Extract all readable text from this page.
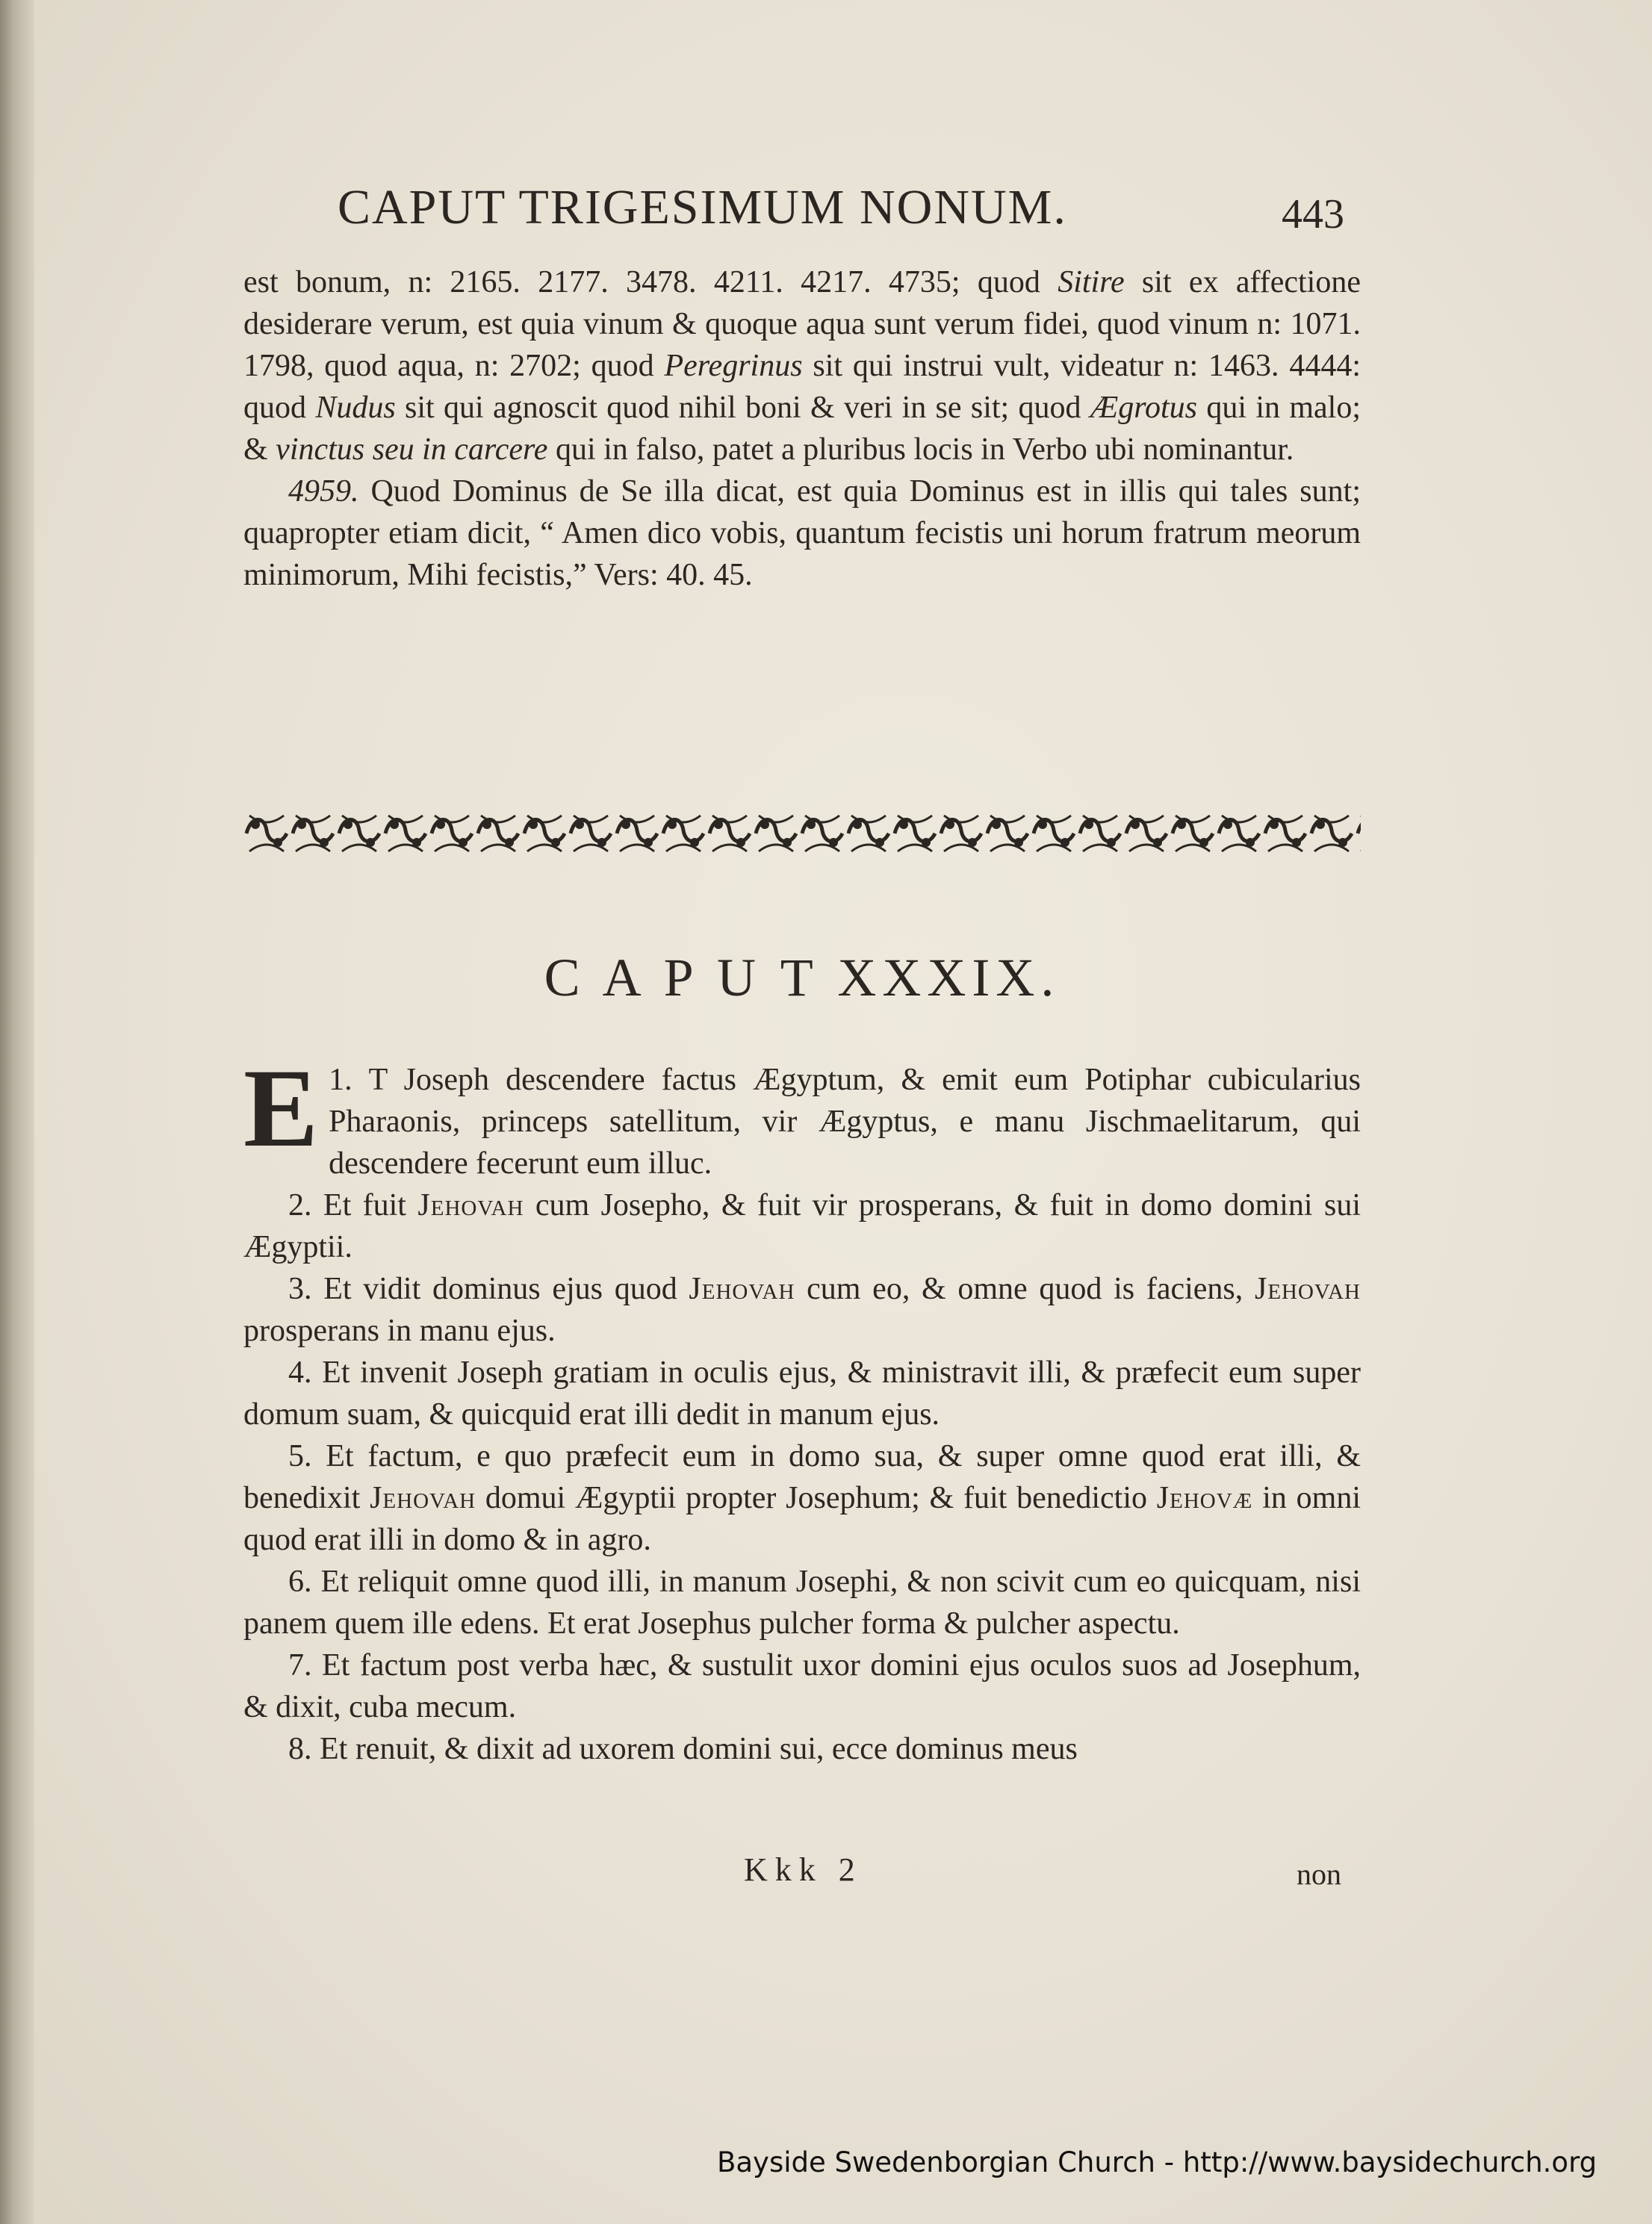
CAPUT TRIGESIMUM NONUM.	443

est bonum, n: 2165. 2177. 3478. 4211. 4217. 4735; quod Sitire sit ex affectione desiderare verum, est quia vinum & quoque aqua sunt verum fidei, quod vinum n: 1071. 1798, quod aqua, n: 2702; quod Peregrinus sit qui instrui vult, videatur n: 1463. 4444: quod Nudus sit qui agnoscit quod nihil boni & veri in se sit; quod Ægrotus qui in malo; & vinctus seu in carcere qui in falso, patet a pluribus locis in Verbo ubi nominantur.

4959. Quod Dominus de Se illa dicat, est quia Dominus est in illis qui tales sunt; quapropter etiam dicit, “ Amen dico vobis, quantum fecistis uni horum fratrum meorum minimorum, Mihi fecistis,” Vers: 40. 45.

C A P U T XXXIX.

1.
E T Joseph descendere factus Ægyptum, & emit eum Potiphar cubicularius Pharaonis, princeps satellitum, vir Ægyptus, e manu Jischmaelitarum, qui descendere fecerunt eum illuc.

2. Et fuit Jehovah cum Josepho, & fuit vir prosperans, & fuit in domo domini sui Ægyptii.

3. Et vidit dominus ejus quod Jehovah cum eo, & omne quod is faciens, Jehovah prosperans in manu ejus.

4. Et invenit Joseph gratiam in oculis ejus, & ministravit illi, & præfecit eum super domum suam, & quicquid erat illi dedit in manum ejus.

5. Et factum, e quo præfecit eum in domo sua, & super omne quod erat illi, & benedixit Jehovah domui Ægyptii propter Josephum; & fuit benedictio Jehovæ in omni quod erat illi in domo & in agro.

6. Et reliquit omne quod illi, in manum Josephi, & non scivit cum eo quicquam, nisi panem quem ille edens. Et erat Josephus pulcher forma & pulcher aspectu.

7. Et factum post verba hæc, & sustulit uxor domini ejus oculos suos ad Josephum, & dixit, cuba mecum.

8. Et renuit, & dixit ad uxorem domini sui, ecce dominus meus

Kkk 2	non
Bayside Swedenborgian Church - http://www.baysidechurch.org
